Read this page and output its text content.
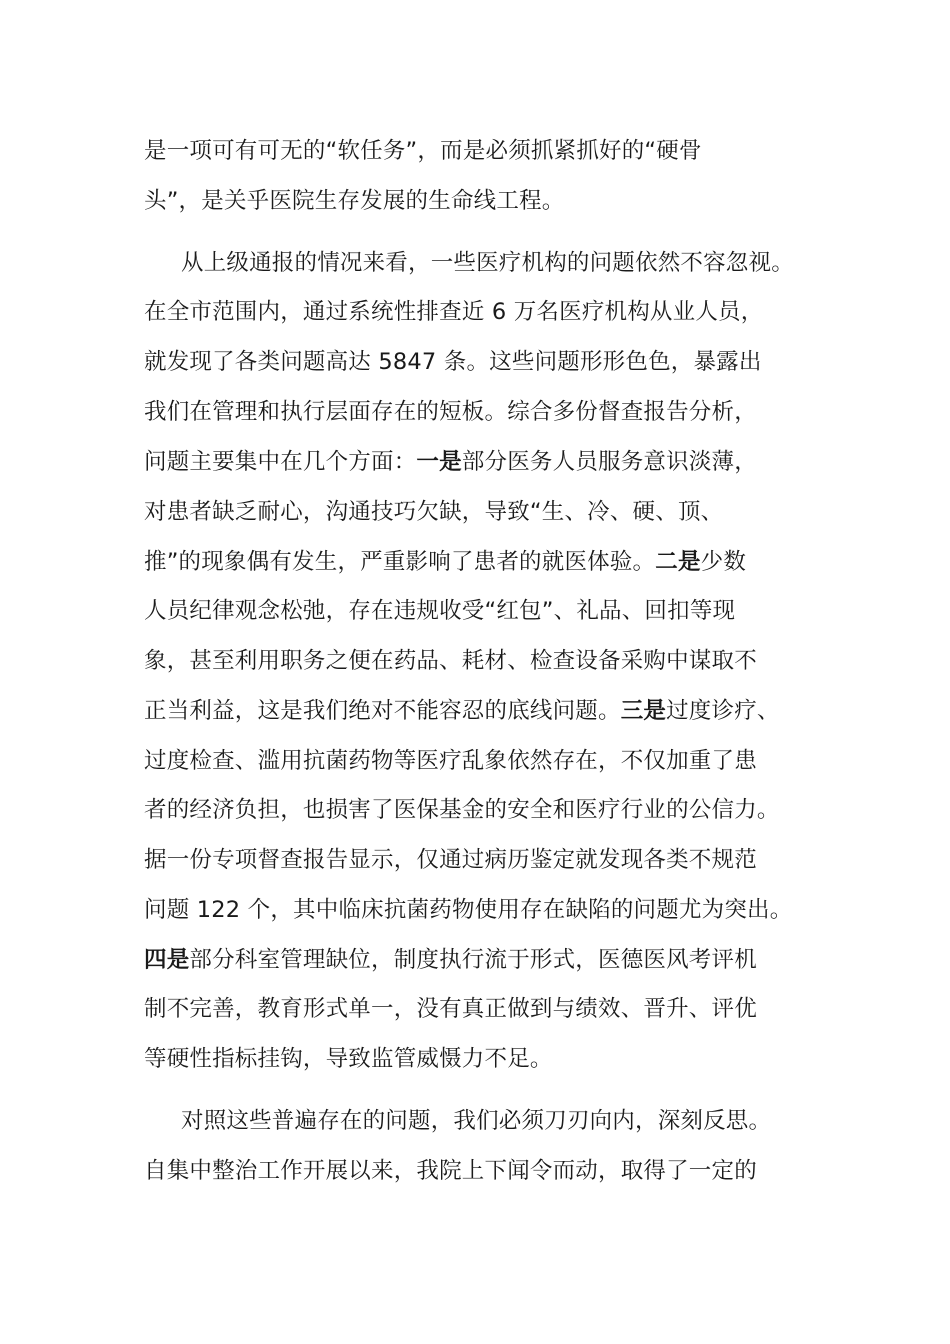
是一项可有可无的“软任务”，而是必须抓紧抓好的“硬骨
头”，是关乎医院生存发展的生命线工程。
从上级通报的情况来看，一些医疗机构的问题依然不容忽视。
在全市范围内，通过系统性排查近 6 万名医疗机构从业人员，
就发现了各类问题高达 5847 条。这些问题形形色色，暴露出
我们在管理和执行层面存在的短板。综合多份督查报告分析，
问题主要集中在几个方面：一是部分医务人员服务意识淡薄，
对患者缺乏耐心，沟通技巧欠缺，导致“生、冷、硬、顶、
推”的现象偶有发生，严重影响了患者的就医体验。二是少数
人员纪律观念松弛，存在违规收受“红包”、礼品、回扣等现
象，甚至利用职务之便在药品、耗材、检查设备采购中谋取不
正当利益，这是我们绝对不能容忍的底线问题。三是过度诊疗、
过度检查、滥用抗菌药物等医疗乱象依然存在，不仅加重了患
者的经济负担，也损害了医保基金的安全和医疗行业的公信力。
据一份专项督查报告显示，仅通过病历鉴定就发现各类不规范
问题 122 个，其中临床抗菌药物使用存在缺陷的问题尤为突出。
四是部分科室管理缺位，制度执行流于形式，医德医风考评机
制不完善，教育形式单一，没有真正做到与绩效、晋升、评优
等硬性指标挂钩，导致监管威慑力不足。
对照这些普遍存在的问题，我们必须刀刃向内，深刻反思。
自集中整治工作开展以来，我院上下闻令而动，取得了一定的
